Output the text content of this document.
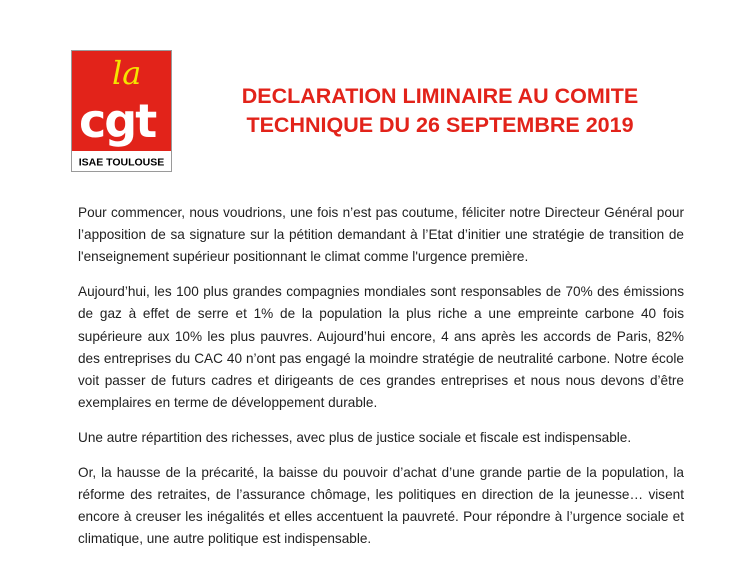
la
cgt
ISAE TOULOUSE
DECLARATION LIMINAIRE AU COMITE
TECHNIQUE DU 26 SEPTEMBRE 2019

Pour commencer, nous voudrions, une fois n’est pas coutume, féliciter notre Directeur Général pour l’apposition de sa signature sur la pétition demandant à l’Etat d’initier une stratégie de transition de l'enseignement supérieur positionnant le climat comme l'urgence première.

Aujourd’hui, les 100 plus grandes compagnies mondiales sont responsables de 70% des émissions de gaz à effet de serre et 1% de la population la plus riche a une empreinte carbone 40 fois supérieure aux 10% les plus pauvres. Aujourd’hui encore, 4 ans après les accords de Paris, 82% des entreprises du CAC 40 n’ont pas engagé la moindre stratégie de neutralité carbone. Notre école voit passer de futurs cadres et dirigeants de ces grandes entreprises et nous nous devons d’être exemplaires en terme de développement durable.

Une autre répartition des richesses, avec plus de justice sociale et fiscale est indispensable.

Or, la hausse de la précarité, la baisse du pouvoir d’achat d’une grande partie de la population, la réforme des retraites, de l’assurance chômage, les politiques en direction de la jeunesse… visent encore à creuser les inégalités et elles accentuent la pauvreté. Pour répondre à l’urgence sociale et climatique, une autre politique est indispensable.
